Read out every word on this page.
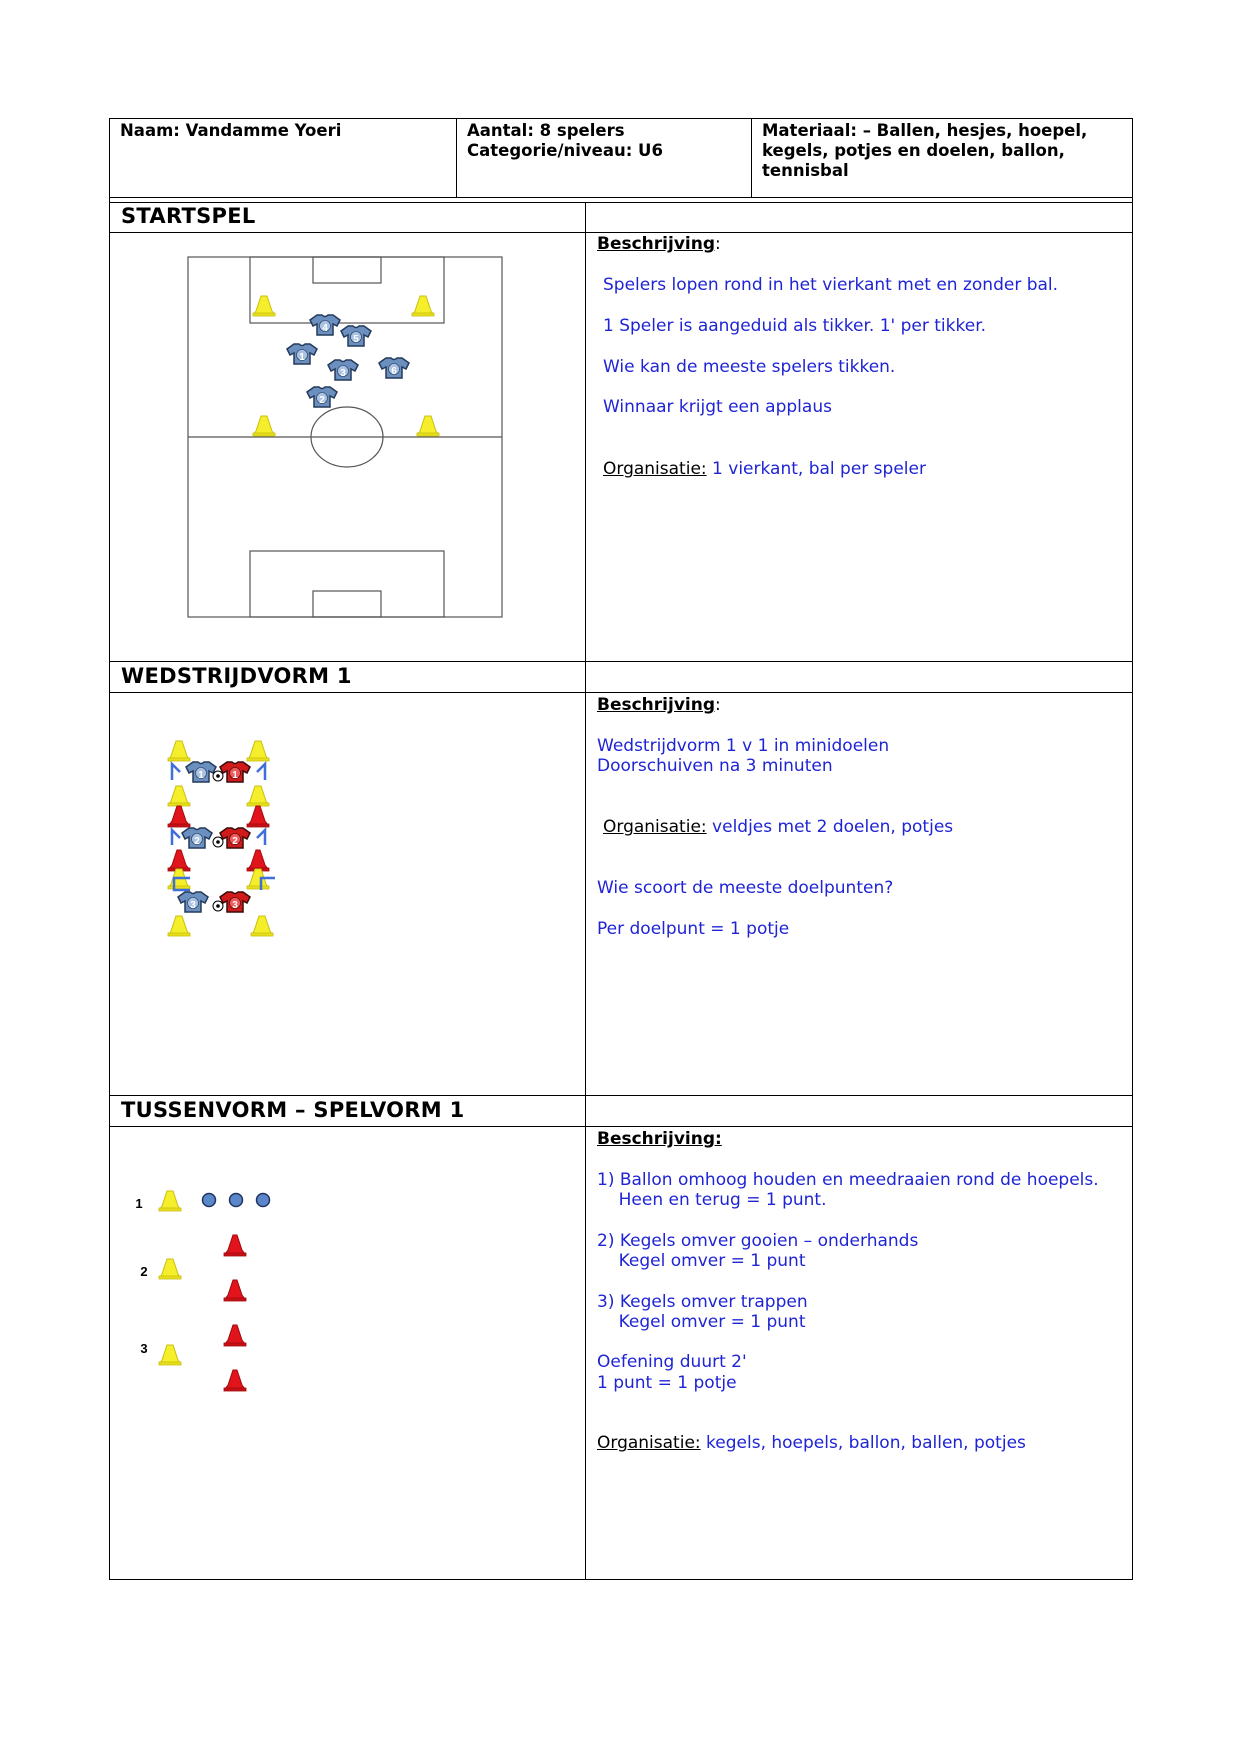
Naam: Vandamme Yoeri	Aantal: 8 spelers
Categorie/niveau: U6

Materiaal: – Ballen, hesjes, hoepel,
kegels, potjes en doelen, ballon,
tennisbal
STARTSPEL
WEDSTRIJDVORM 1
TUSSENVORM – SPELVORM 1
Beschrijving:
Spelers lopen rond in het vierkant met en zonder bal.
1 Speler is aangeduid als tikker. 1' per tikker.
Wie kan de meeste spelers tikken.
Winnaar krijgt een applaus
Organisatie: 1 vierkant, bal per speler
Beschrijving:
Wedstrijdvorm 1 v 1 in minidoelen
Doorschuiven na 3 minuten
Organisatie: veldjes met 2 doelen, potjes
Wie scoort de meeste doelpunten?
Per doelpunt = 1 potje
Beschrijving:
1) Ballon omhoog houden en meedraaien rond de hoepels.
Heen en terug = 1 punt.
2) Kegels omver gooien – onderhands
Kegel omver = 1 punt
3) Kegels omver trappen
Kegel omver = 1 punt
Oefening duurt 2'
1 punt = 1 potje
Organisatie: kegels, hoepels, ballon, ballen, potjes
4
5
1
3	6
2
1	1
2	2
3	3
1
2
3
